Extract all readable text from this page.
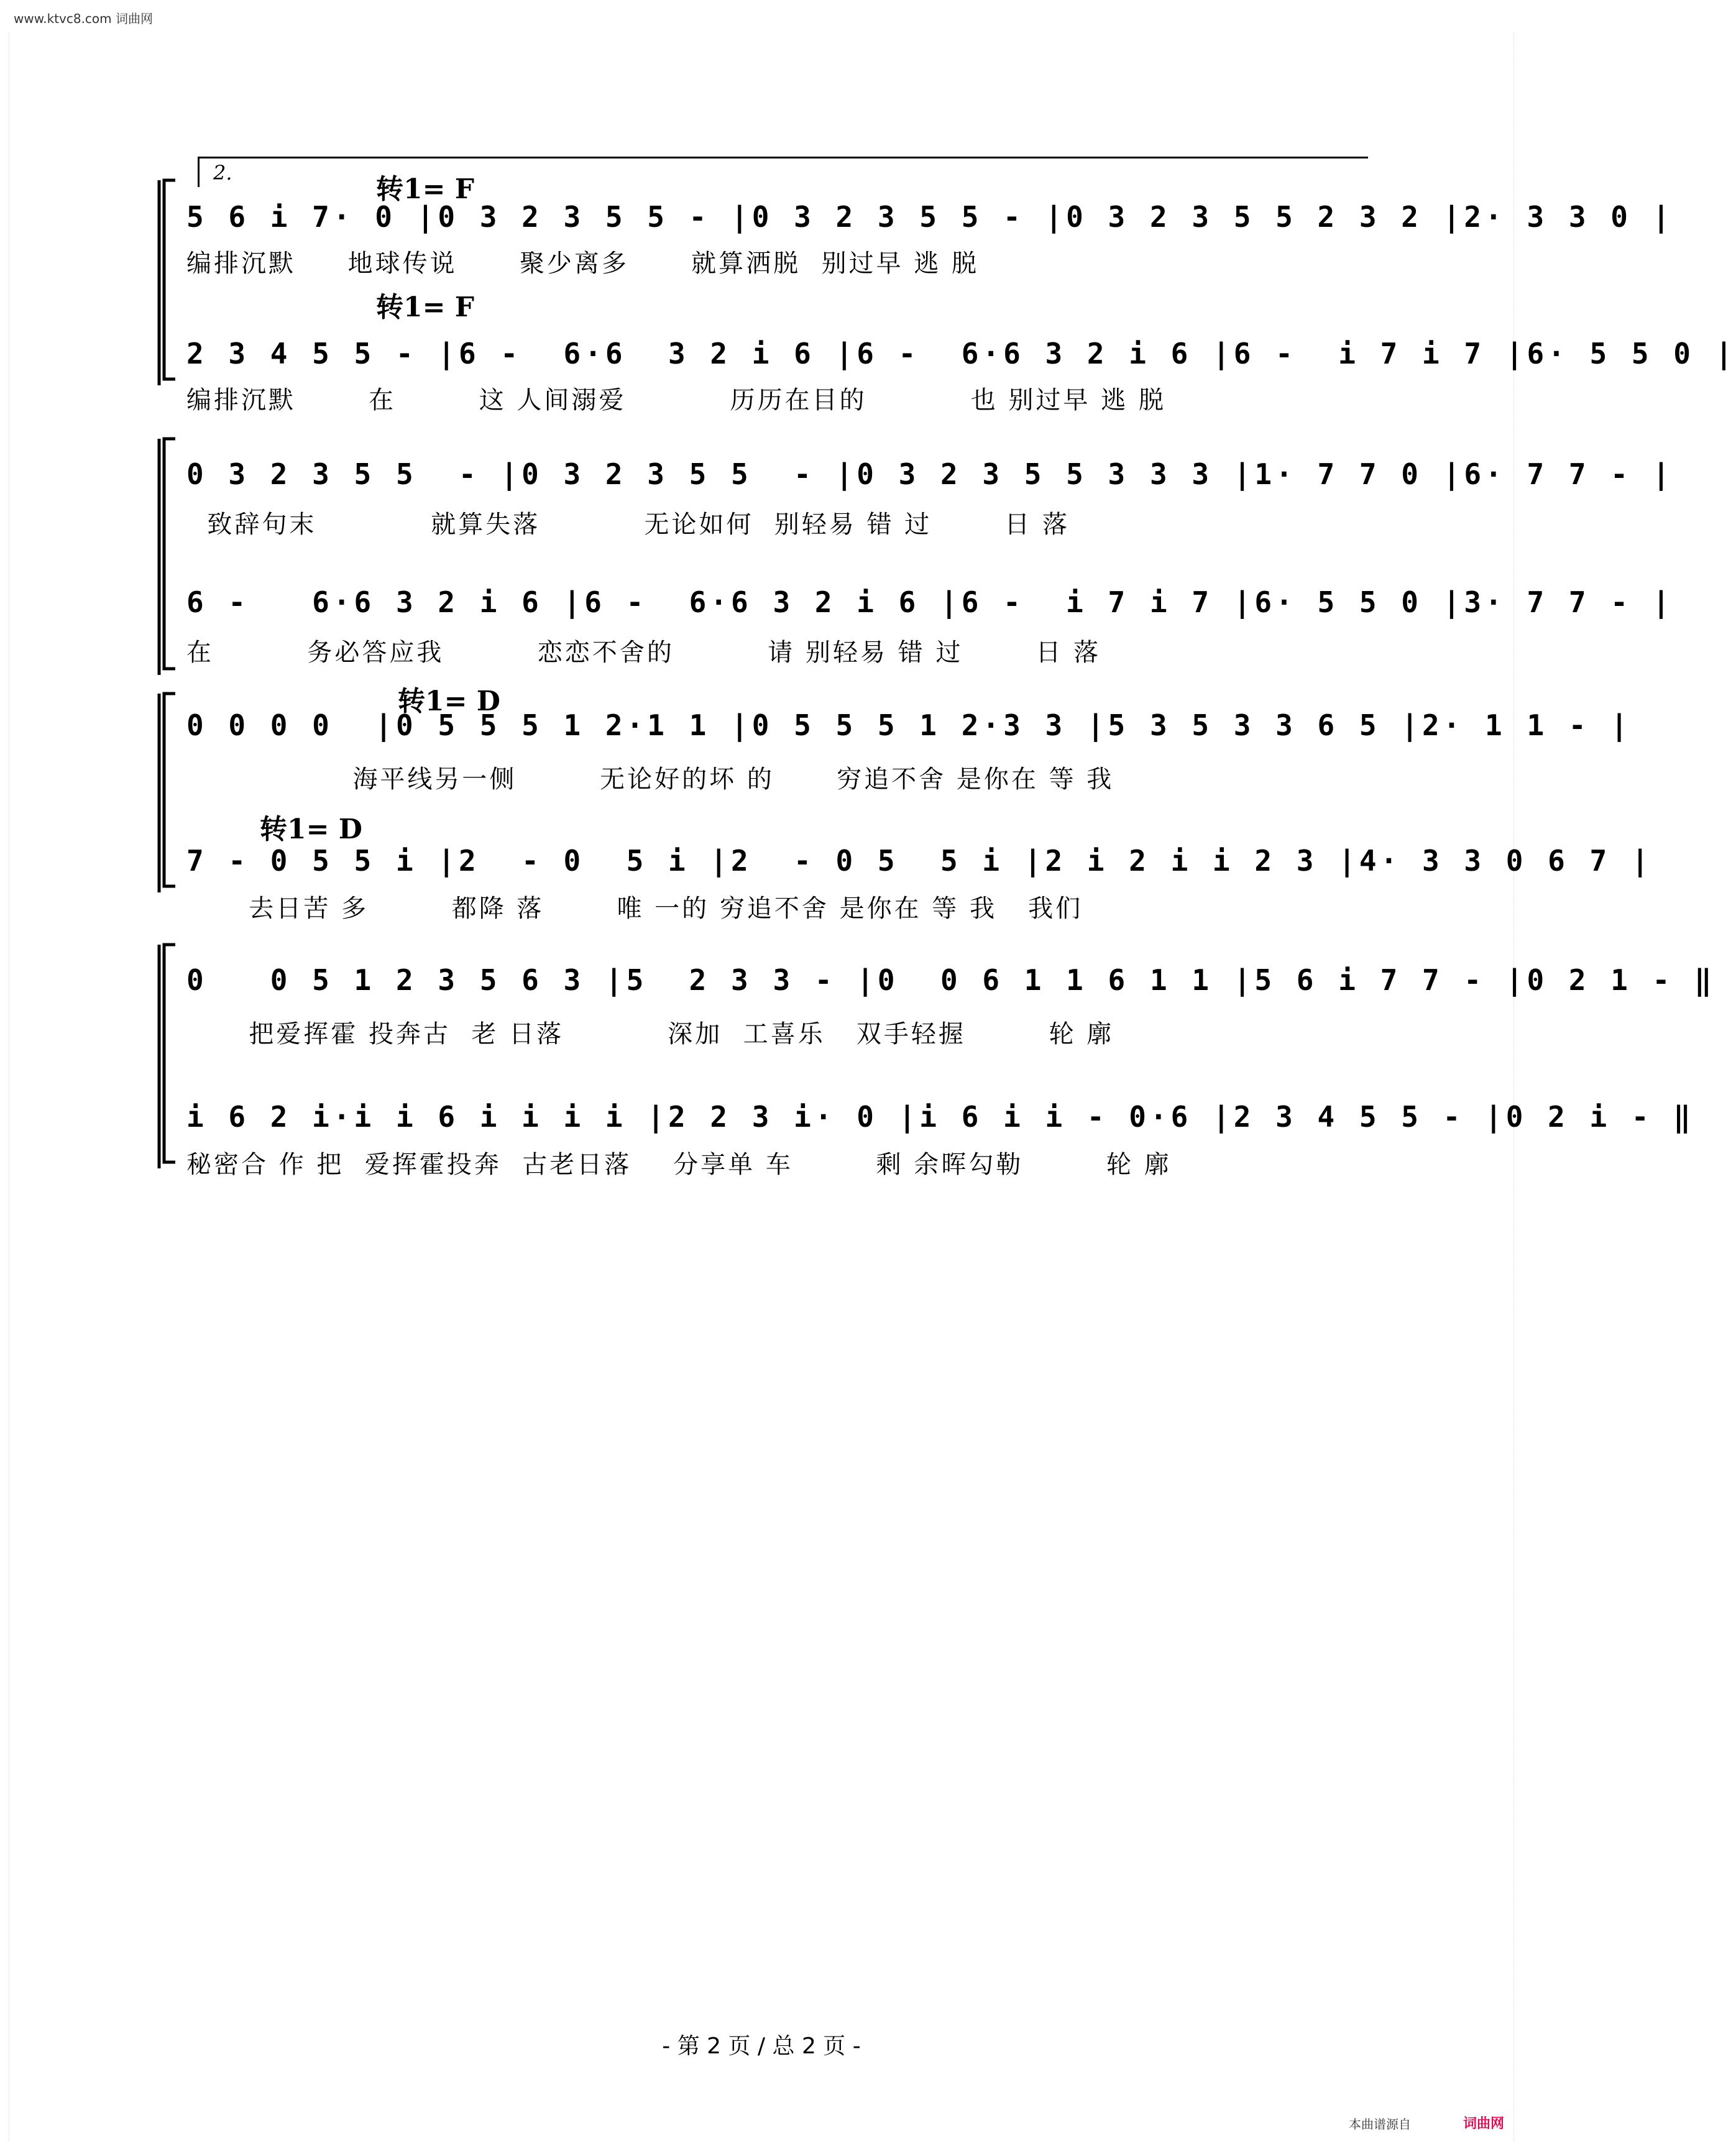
www.ktvc8.com 词曲网
2.
转1= F
5 6 i 7· 0 |0 3 2 3 5 5 - |0 3 2 3 5 5 - |0 3 2 3 5 5 2 3 2 |2· 3 3 0 |
编排沉默     地球传说      聚少离多      就算洒脱  别过早 逃 脱
转1= F
2 3 4 5 5 - |6 -  6·6  3 2 i 6 |6 -  6·6 3 2 i 6 |6 -  i 7 i 7 |6· 5 5 0 |
编排沉默       在        这 人间溺爱          历历在目的          也 别过早 逃 脱
0 3 2 3 5 5  - |0 3 2 3 5 5  - |0 3 2 3 5 5 3 3 3 |1· 7 7 0 |6· 7 7 - |
致辞句末           就算失落          无论如何  别轻易 错 过       日 落
6 -   6·6 3 2 i 6 |6 -  6·6 3 2 i 6 |6 -  i 7 i 7 |6· 5 5 0 |3· 7 7 - |
在         务必答应我         恋恋不舍的         请 别轻易 错 过       日 落
转1= D
0 0 0 0  |0 5 5 5 1 2·1 1 |0 5 5 5 1 2·3 3 |5 3 5 3 3 6 5 |2· 1 1 - |
海平线另一侧        无论好的坏 的      穷追不舍 是你在 等 我
转1= D
7 - 0 5 5 i |2  - 0  5 i |2  - 0 5  5 i |2 i 2 i i 2 3 |4· 3 3 0 6 7 |
去日苦 多        都降 落       唯 一的 穷追不舍 是你在 等 我   我们
0   0 5 1 2 3 5 6 3 |5  2 3 3 - |0  0 6 1 1 6 1 1 |5 6 i 7 7 - |0 2 1 - ‖
把爱挥霍 投奔古  老 日落          深加  工喜乐   双手轻握        轮 廓
i 6 2 i·i i 6 i i i i |2 2 3 i· 0 |i 6 i i - 0·6 |2 3 4 5 5 - |0 2 i - ‖
秘密合 作 把  爱挥霍投奔  古老日落    分享单 车        剩 余晖勾勒        轮 廓
- 第 2 页 / 总 2 页 -
本曲谱源自	词曲网
